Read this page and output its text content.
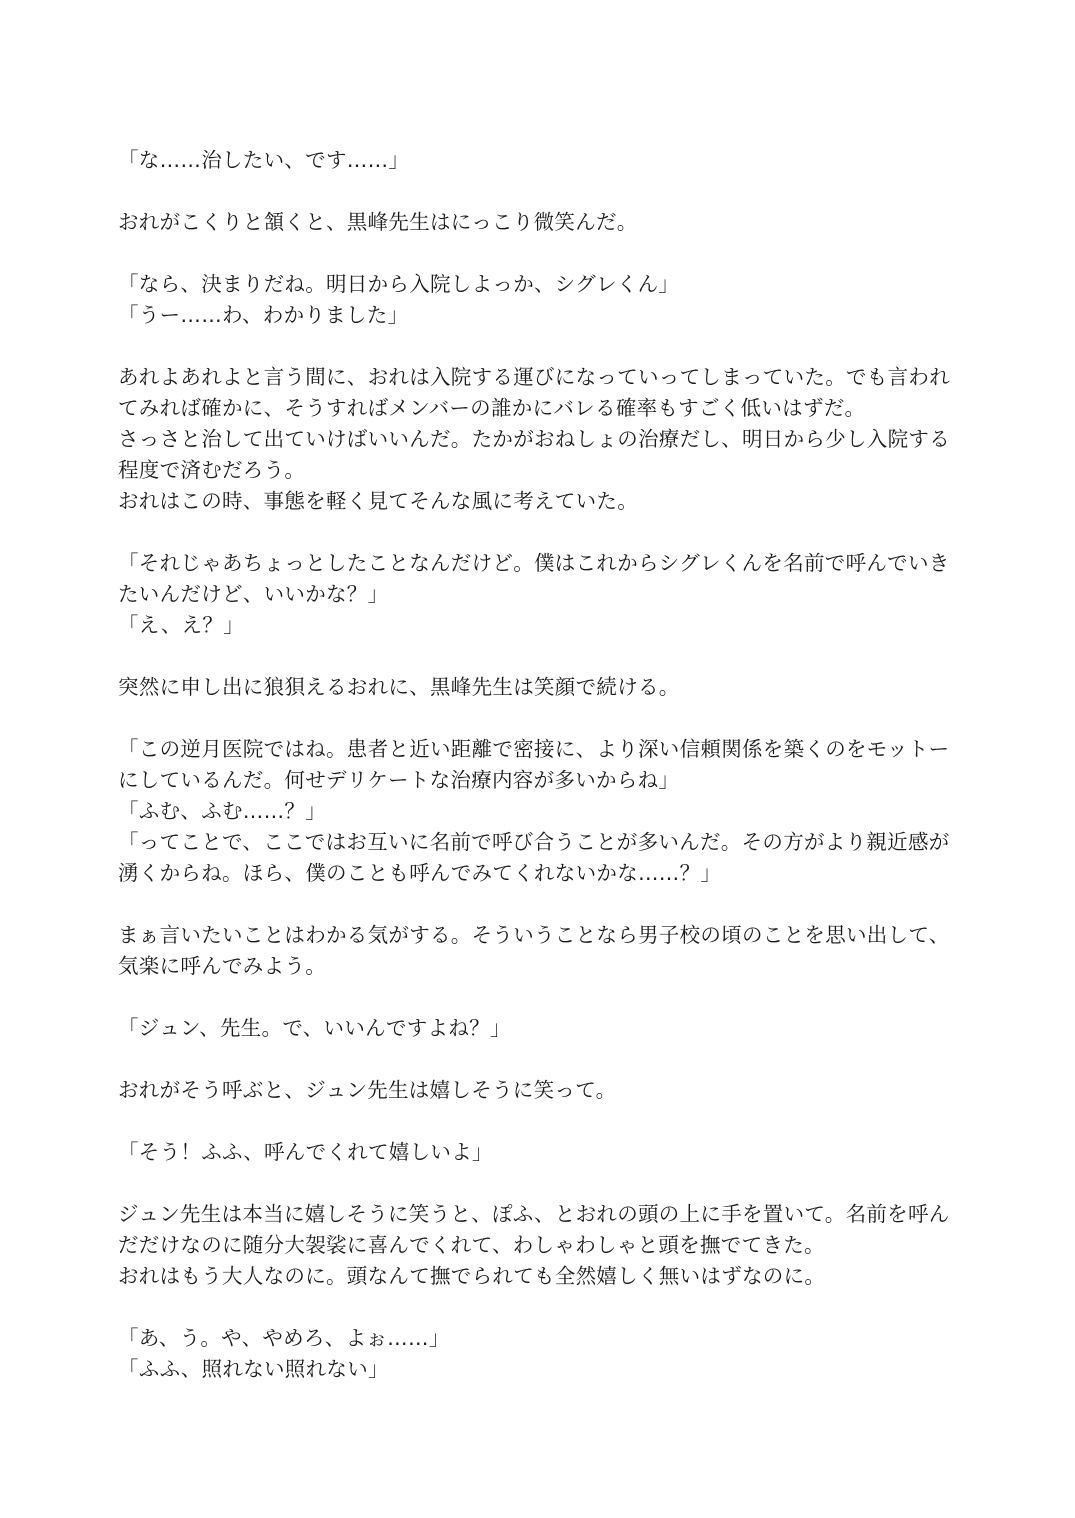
「な……治したい、です……」
おれがこくりと頷くと、黒峰先生はにっこり微笑んだ。
「なら、決まりだね。明日から入院しよっか、シグレくん」
「うー……わ、わかりました」
あれよあれよと言う間に、おれは入院する運びになっていってしまっていた。でも言われ
てみれば確かに、そうすればメンバーの誰かにバレる確率もすごく低いはずだ。
さっさと治して出ていけばいいんだ。たかがおねしょの治療だし、明日から少し入院する
程度で済むだろう。
おれはこの時、事態を軽く見てそんな風に考えていた。
「それじゃあちょっとしたことなんだけど。僕はこれからシグレくんを名前で呼んでいき
たいんだけど、いいかな？」
「え、え？」
突然に申し出に狼狽えるおれに、黒峰先生は笑顔で続ける。
「この逆月医院ではね。患者と近い距離で密接に、より深い信頼関係を築くのをモットー
にしているんだ。何せデリケートな治療内容が多いからね」
「ふむ、ふむ……？」
「ってことで、ここではお互いに名前で呼び合うことが多いんだ。その方がより親近感が
湧くからね。ほら、僕のことも呼んでみてくれないかな……？」
まぁ言いたいことはわかる気がする。そういうことなら男子校の頃のことを思い出して、
気楽に呼んでみよう。
「ジュン、先生。で、いいんですよね？」
おれがそう呼ぶと、ジュン先生は嬉しそうに笑って。
「そう！ふふ、呼んでくれて嬉しいよ」
ジュン先生は本当に嬉しそうに笑うと、ぽふ、とおれの頭の上に手を置いて。名前を呼ん
だだけなのに随分大袈裟に喜んでくれて、わしゃわしゃと頭を撫でてきた。
おれはもう大人なのに。頭なんて撫でられても全然嬉しく無いはずなのに。
「あ、う。や、やめろ、よぉ……」
「ふふ、照れない照れない」
